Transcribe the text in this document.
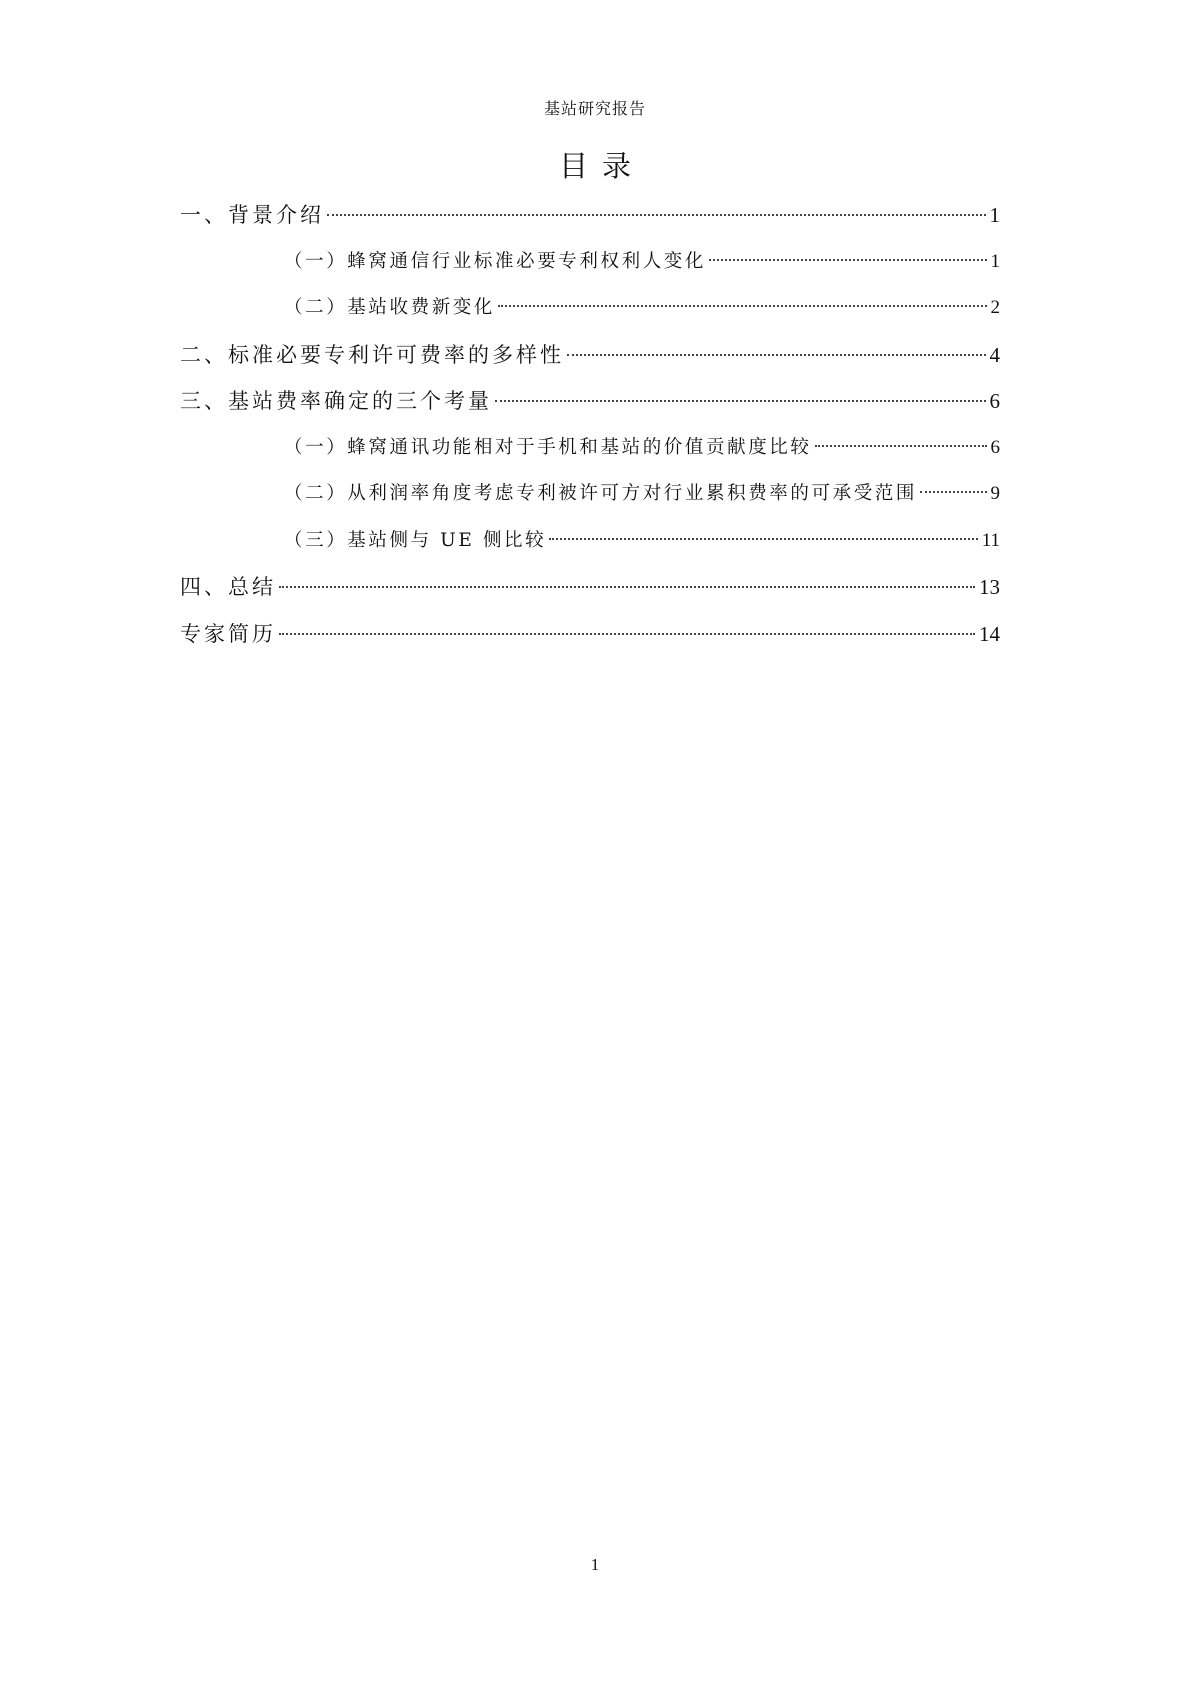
基站研究报告
目录
一、背景介绍	1
（一）蜂窝通信行业标准必要专利权利人变化	1
（二）基站收费新变化	2
二、标准必要专利许可费率的多样性	4
三、基站费率确定的三个考量	6
（一）蜂窝通讯功能相对于手机和基站的价值贡献度比较	6
（二）从利润率角度考虑专利被许可方对行业累积费率的可承受范围	9
（三）基站侧与 UE 侧比较	11
四、总结	13
专家简历	14
1
